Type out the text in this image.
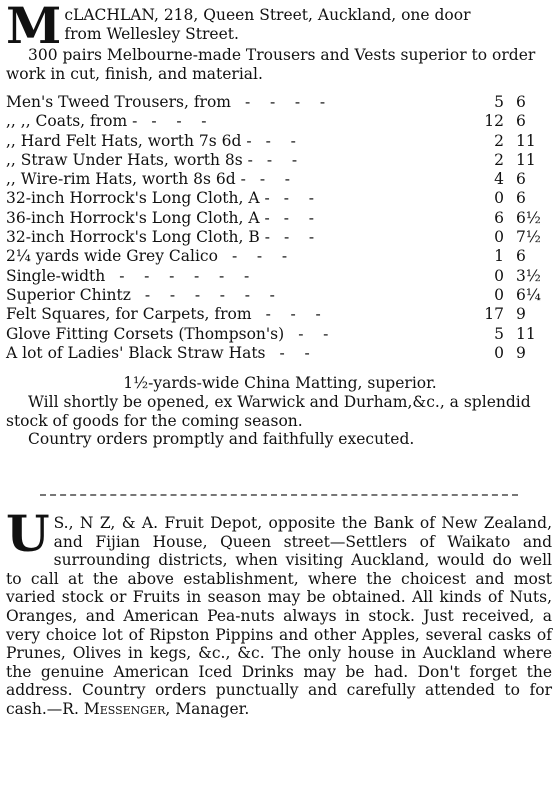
M cLACHLAN, 218, Queen Street, Auckland, one door
from Wellesley Street.
300 pairs Melbourne-made Trousers and Vests superior to order work in cut, finish, and material.
Men's Tweed Trousers, from -    -    -    -	5 6
,, ,, Coats, from - -    -    -	12 6
,, Hard Felt Hats, worth 7s 6d - -    -	2 11
,, Straw Under Hats, worth 8s - -    -	2 11
,, Wire-rim Hats, worth 8s 6d - -    -	4 6
32-inch Horrock's Long Cloth, A - -    -	0 6
36-inch Horrock's Long Cloth, A - -    -	6 6½
32-inch Horrock's Long Cloth, B - -    -	0 7½
2¼ yards wide Grey Calico -    -    -	1 6
Single-width -    -    -    -    -    -	0 3½
Superior Chintz -    -    -    -    -    -	0 6¼
Felt Squares, for Carpets, from -    -    -	17 9
Glove Fitting Corsets (Thompson's) -    -	5 11
A lot of Ladies' Black Straw Hats -    -	0 9
1½-yards-wide China Matting, superior.
Will shortly be opened, ex Warwick and Durham,&c., a splendid stock of goods for the coming season.
Country orders promptly and faithfully executed.
U S., N Z, & A. Fruit Depot, opposite the Bank of New Zealand, and Fijian House, Queen street—Settlers of Waikato and surrounding districts, when visiting Auckland, would do well to call at the above establishment, where the choicest and most varied stock or Fruits in season may be obtained. All kinds of Nuts, Oranges, and American Pea-nuts always in stock. Just received, a very choice lot of Ripston Pippins and other Apples, several casks of Prunes, Olives in kegs, &c., &c. The only house in Auckland where the genuine American Iced Drinks may be had. Don't forget the address. Country orders punctually and carefully attended to for cash.—R. Messenger, Manager.
